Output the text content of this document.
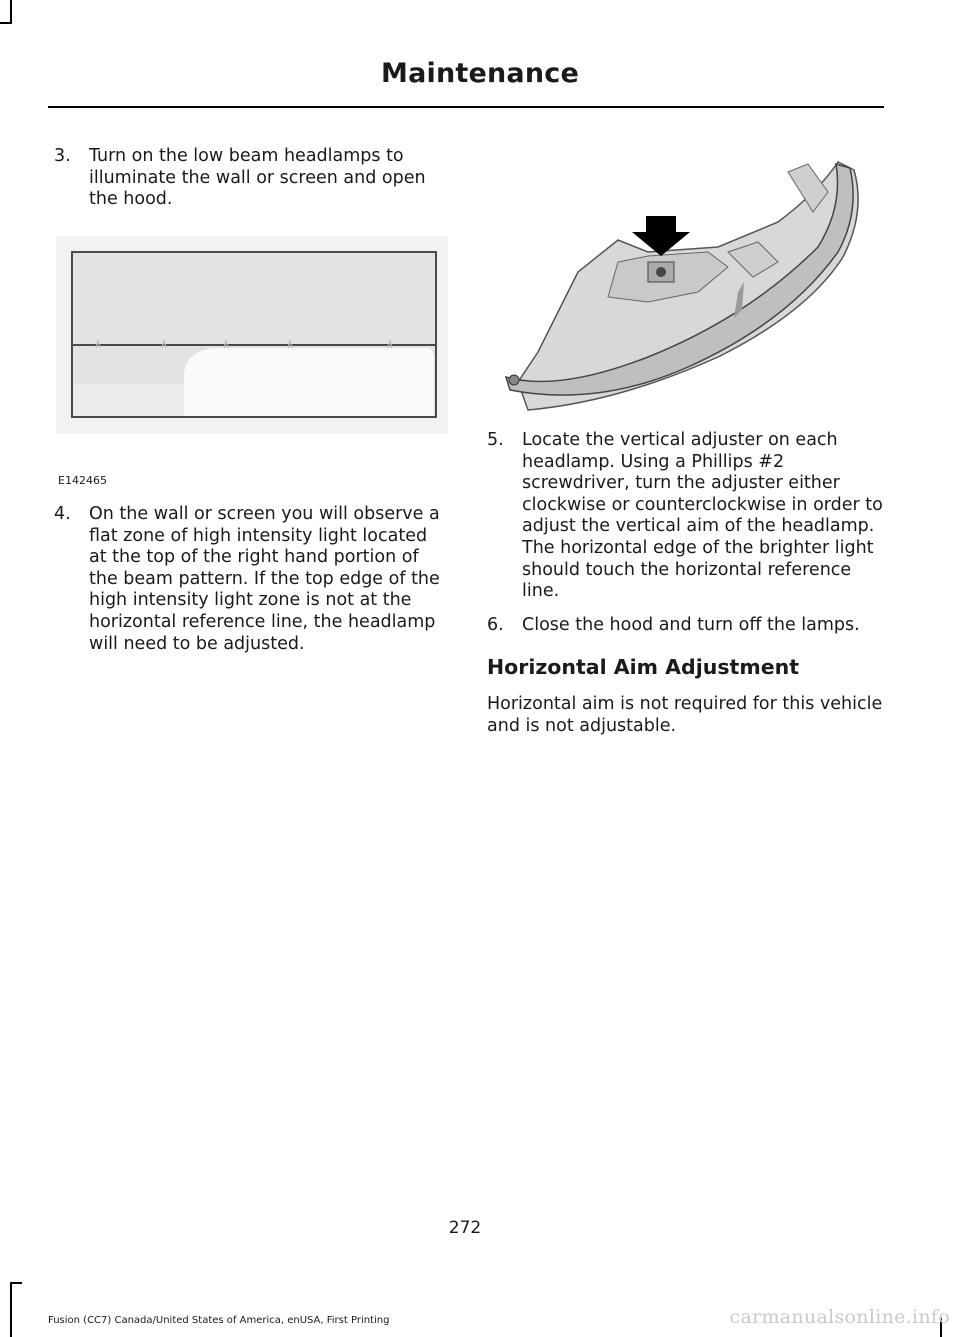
Maintenance
3.	Turn on the low beam headlamps to illuminate the wall or screen and open the hood.
E142465
4.	On the wall or screen you will observe a flat zone of high intensity light located at the top of the right hand portion of the beam pattern. If the top edge of the high intensity light zone is not at the horizontal reference line, the headlamp will need to be adjusted.
5.	Locate the vertical adjuster on each headlamp. Using a Phillips #2 screwdriver, turn the adjuster either clockwise or counterclockwise in order to adjust the vertical aim of the headlamp. The horizontal edge of the brighter light should touch the horizontal reference line.
6.	Close the hood and turn off the lamps.
Horizontal Aim Adjustment

Horizontal aim is not required for this vehicle and is not adjustable.

272
Fusion (CC7) Canada/United States of America, enUSA, First Printing	carmanualsonline.info
